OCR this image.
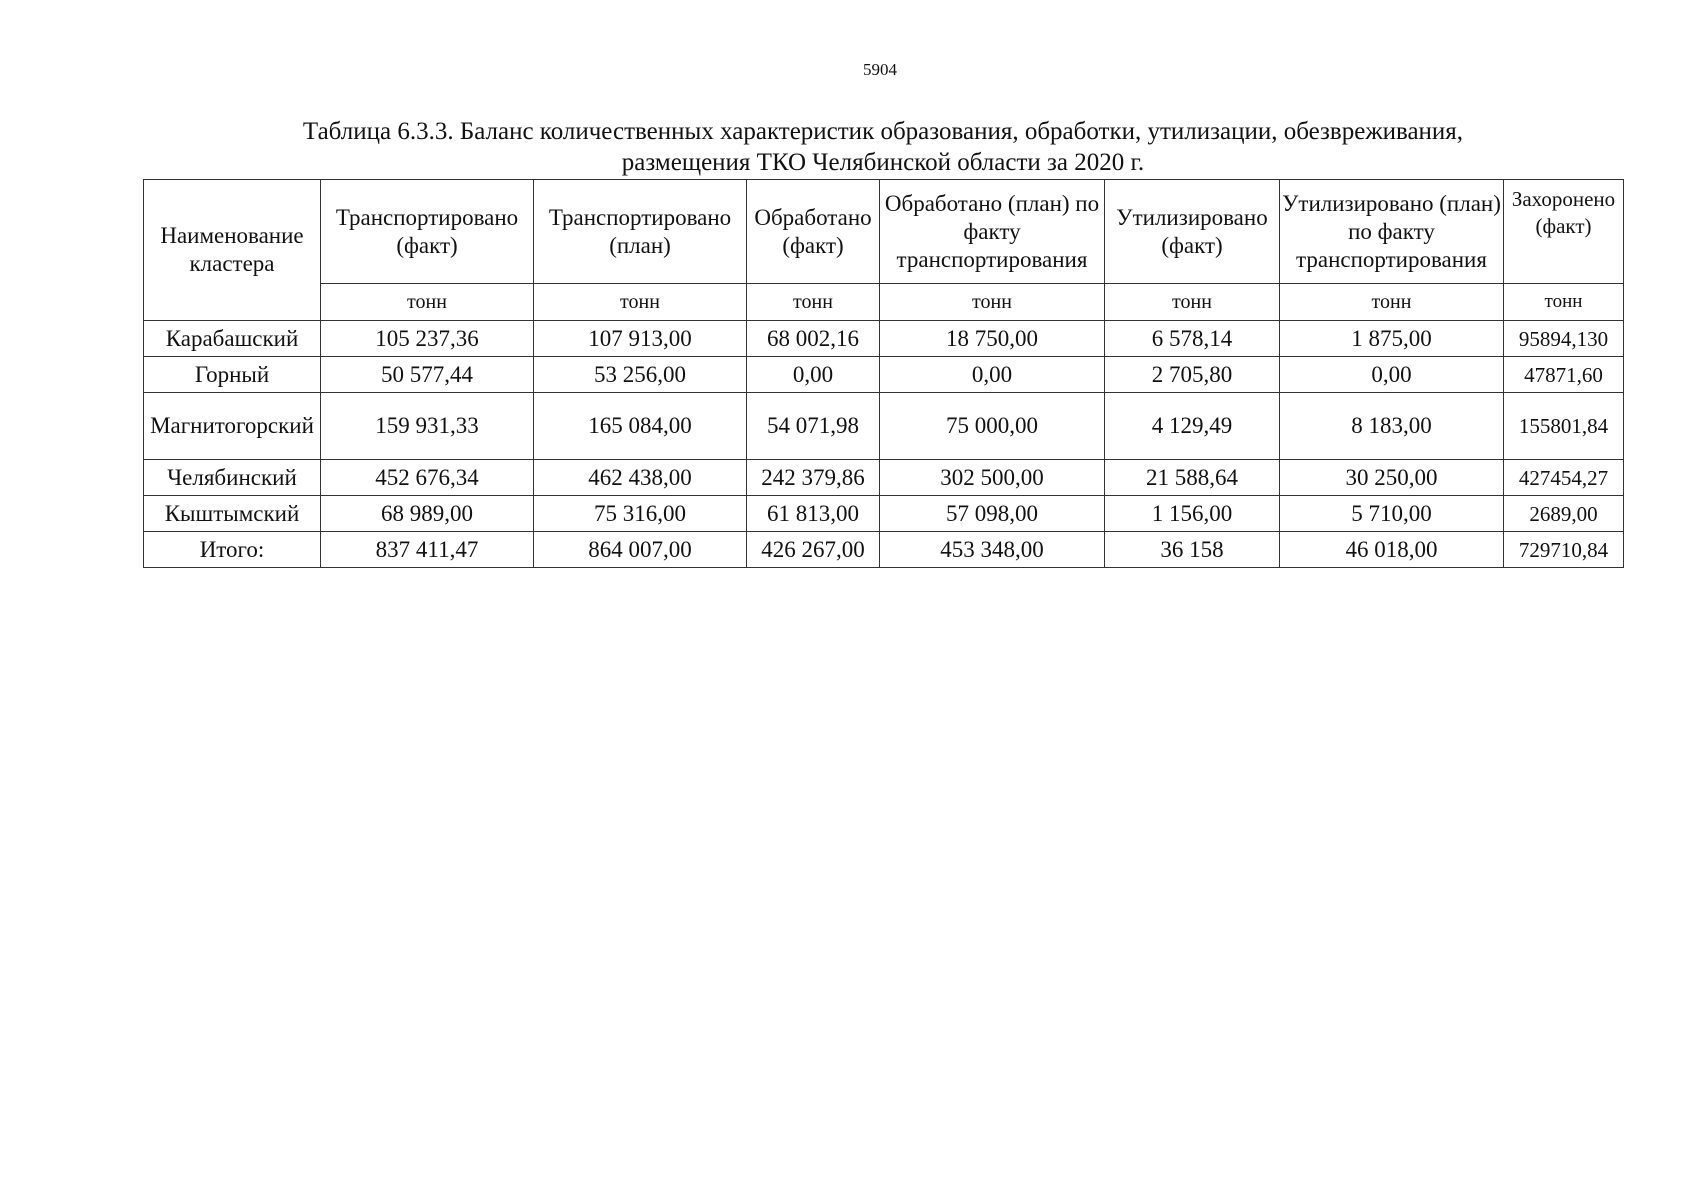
5904
Таблица 6.3.3. Баланс количественных характеристик образования, обработки, утилизации, обезвреживания,
размещения ТКО Челябинской области за 2020 г.
Наименование кластера	Транспортировано (факт)	Транспортировано (план)	Обработано (факт)	Обработано (план) по факту транспортирования	Утилизировано (факт)	Утилизировано (план) по факту транспортирования	Захоронено (факт)
	тонн	тонн	тонн	тонн	тонн	тонн	тонн
Карабашский	105 237,36	107 913,00	68 002,16	18 750,00	6 578,14	1 875,00	95894,130
Горный	50 577,44	53 256,00	0,00	0,00	2 705,80	0,00	47871,60
Магнитогорский	159 931,33	165 084,00	54 071,98	75 000,00	4 129,49	8 183,00	155801,84
Челябинский	452 676,34	462 438,00	242 379,86	302 500,00	21 588,64	30 250,00	427454,27
Кыштымский	68 989,00	75 316,00	61 813,00	57 098,00	1 156,00	5 710,00	2689,00
Итого:	837 411,47	864 007,00	426 267,00	453 348,00	36 158	46 018,00	729710,84
